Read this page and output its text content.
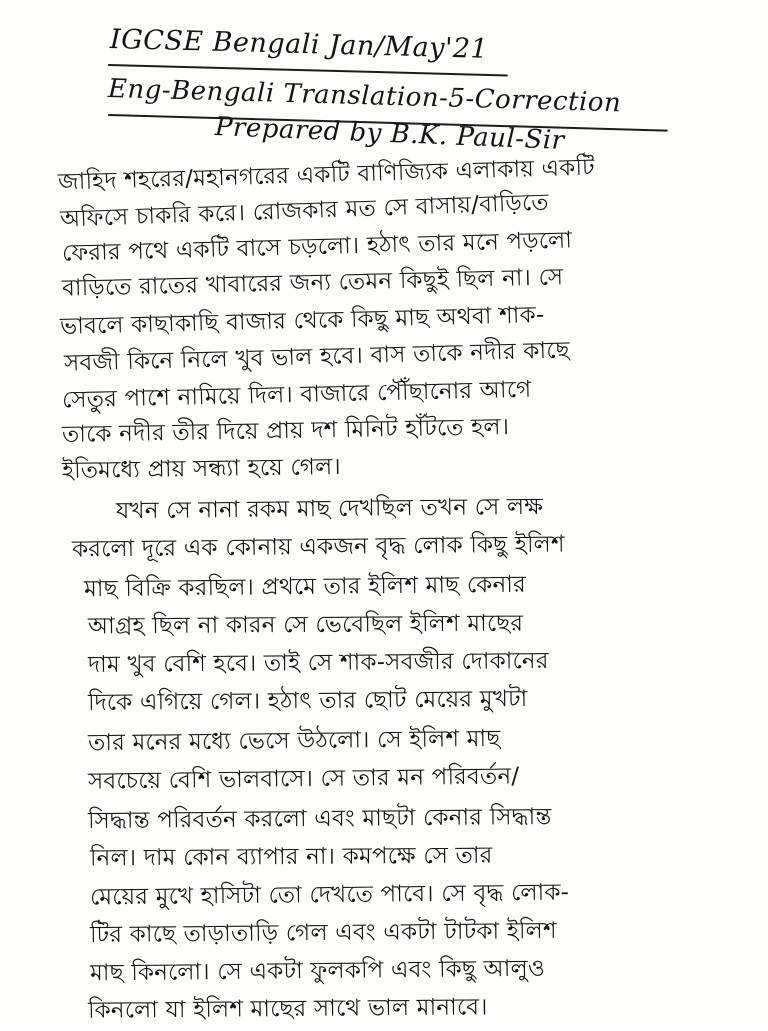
IGCSE Bengali Jan/May'21
Eng-Bengali Translation-5-Correction
Prepared by B.K. Paul-Sir
জাহিদ শহরের/মহানগরের একটি বাণিজ্যিক এলাকায় একটি
অফিসে চাকরি করে। রোজকার মত সে বাসায়/বাড়িতে
ফেরার পথে একটি বাসে চড়লো। হঠাৎ তার মনে পড়লো
বাড়িতে রাতের খাবারের জন্য তেমন কিছুই ছিল না। সে
ভাবলে কাছাকাছি বাজার থেকে কিছু মাছ অথবা শাক-
সবজী কিনে নিলে খুব ভাল হবে। বাস তাকে নদীর কাছে
সেতুর পাশে নামিয়ে দিল। বাজারে পৌঁছানোর আগে
তাকে নদীর তীর দিয়ে প্রায় দশ মিনিট হাঁটতে হল।
ইতিমধ্যে প্রায় সন্ধ্যা হয়ে গেল।
যখন সে নানা রকম মাছ দেখছিল তখন সে লক্ষ
করলো দূরে এক কোনায় একজন বৃদ্ধ লোক কিছু ইলিশ
মাছ বিক্রি করছিল। প্রথমে তার ইলিশ মাছ কেনার
আগ্রহ ছিল না কারন সে ভেবেছিল ইলিশ মাছের
দাম খুব বেশি হবে। তাই সে শাক-সবজীর দোকানের
দিকে এগিয়ে গেল। হঠাৎ তার ছোট মেয়ের মুখটা
তার মনের মধ্যে ভেসে উঠলো। সে ইলিশ মাছ
সবচেয়ে বেশি ভালবাসে। সে তার মন পরিবর্তন/
সিদ্ধান্ত পরিবর্তন করলো এবং মাছটা কেনার সিদ্ধান্ত
নিল। দাম কোন ব্যাপার না। কমপক্ষে সে তার
মেয়ের মুখে হাসিটা তো দেখতে পাবে। সে বৃদ্ধ লোক-
টির কাছে তাড়াতাড়ি গেল এবং একটা টাটকা ইলিশ
মাছ কিনলো। সে একটা ফুলকপি এবং কিছু আলুও
কিনলো যা ইলিশ মাছের সাথে ভাল মানাবে।
